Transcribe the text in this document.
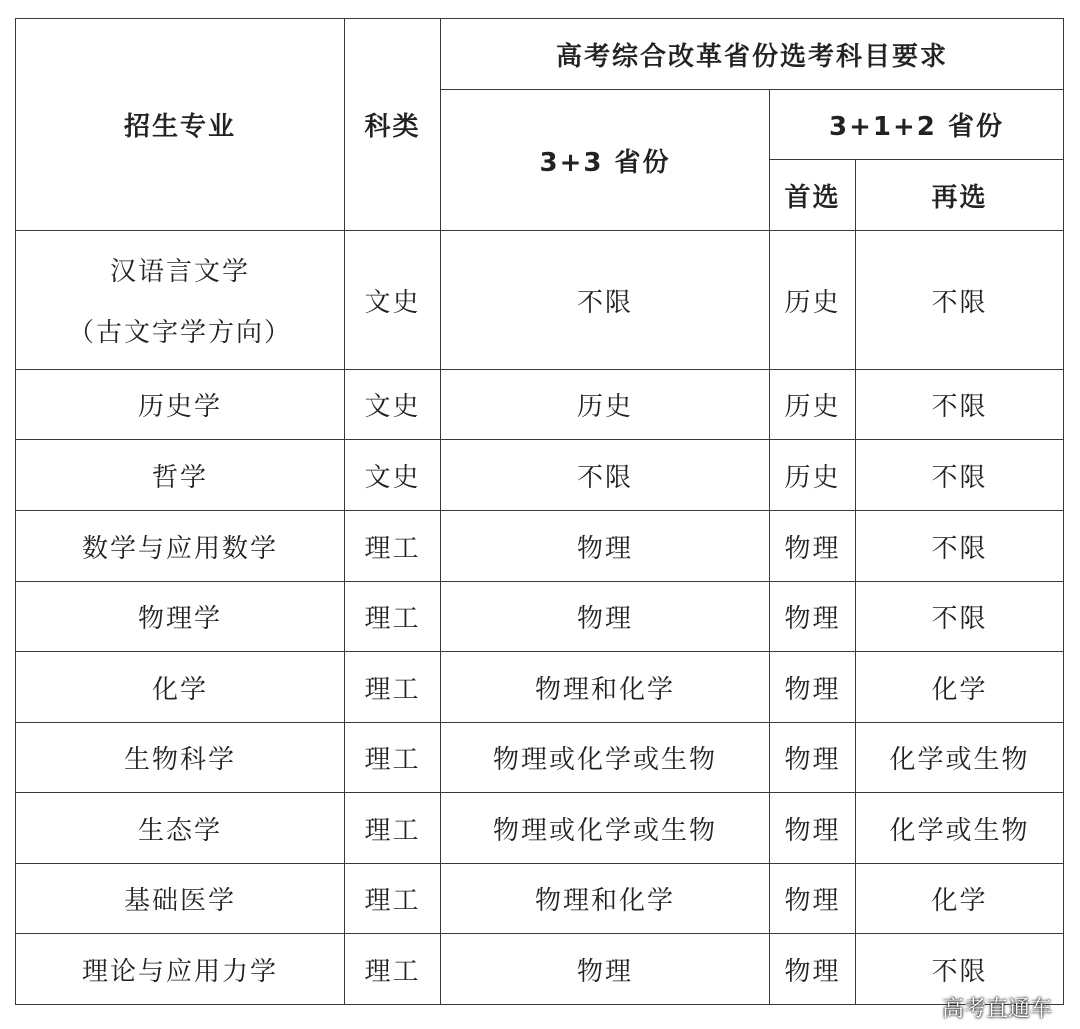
招生专业	科类	高考综合改革省份选考科目要求		
		3+3 省份	3+1+2 省份	
			首选	再选

汉语言文学
（古文字学方向）	文史	不限	历史	不限
历史学	文史	历史	历史	不限
哲学	文史	不限	历史	不限
数学与应用数学	理工	物理	物理	不限
物理学	理工	物理	物理	不限
化学	理工	物理和化学	物理	化学
生物科学	理工	物理或化学或生物	物理	化学或生物
生态学	理工	物理或化学或生物	物理	化学或生物
基础医学	理工	物理和化学	物理	化学
理论与应用力学	理工	物理	物理	不限
高考直通车
